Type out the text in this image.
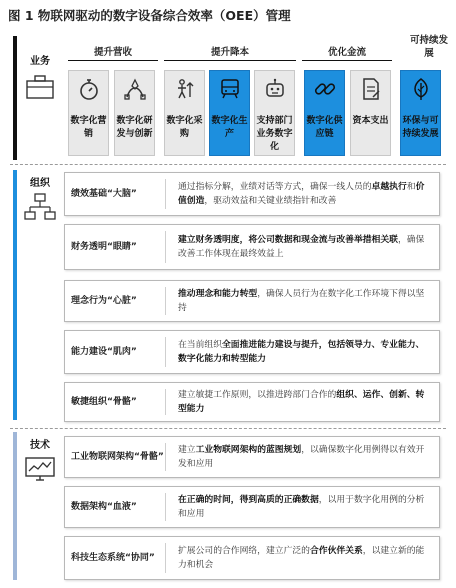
图 1 物联网驱动的数字设备综合效率（OEE）管理
业务
提升营收	提升降本	优化金流
可持续发展
数字化营销
数字化研发与创新
数字化采购
数字化生产
支持部门业务数字化
数字化供应链
资本支出 环保与可持续发展
组织
绩效基础“大脑”
通过指标分解，业绩对话等方式，确保一线人员的卓越执行和价值创造，驱动效益和关键业绩指针和改善
财务透明“眼睛”
建立财务透明度，将公司数据和现金流与改善举措相关联，确保改善工作体现在最终效益上
理念行为“心脏”
推动理念和能力转型，确保人员行为在数字化工作环境下得以坚持
能力建设“肌肉”
在当前组织全面推进能力建设与提升，包括领导力、专业能力、数字化能力和转型能力
敏捷组织“骨骼”
建立敏捷工作原则，以推进跨部门合作的组织、运作、创新、转型能力
技术
工业物联网架构“骨骼”
建立工业物联网架构的蓝图规划，以确保数字化用例得以有效开发和应用
数据架构“血液”
在正确的时间，得到高质的正确数据，以用于数字化用例的分析和应用
科技生态系统“协同”
扩展公司的合作网络，建立广泛的合作伙伴关系，以建立新的能力和机会
